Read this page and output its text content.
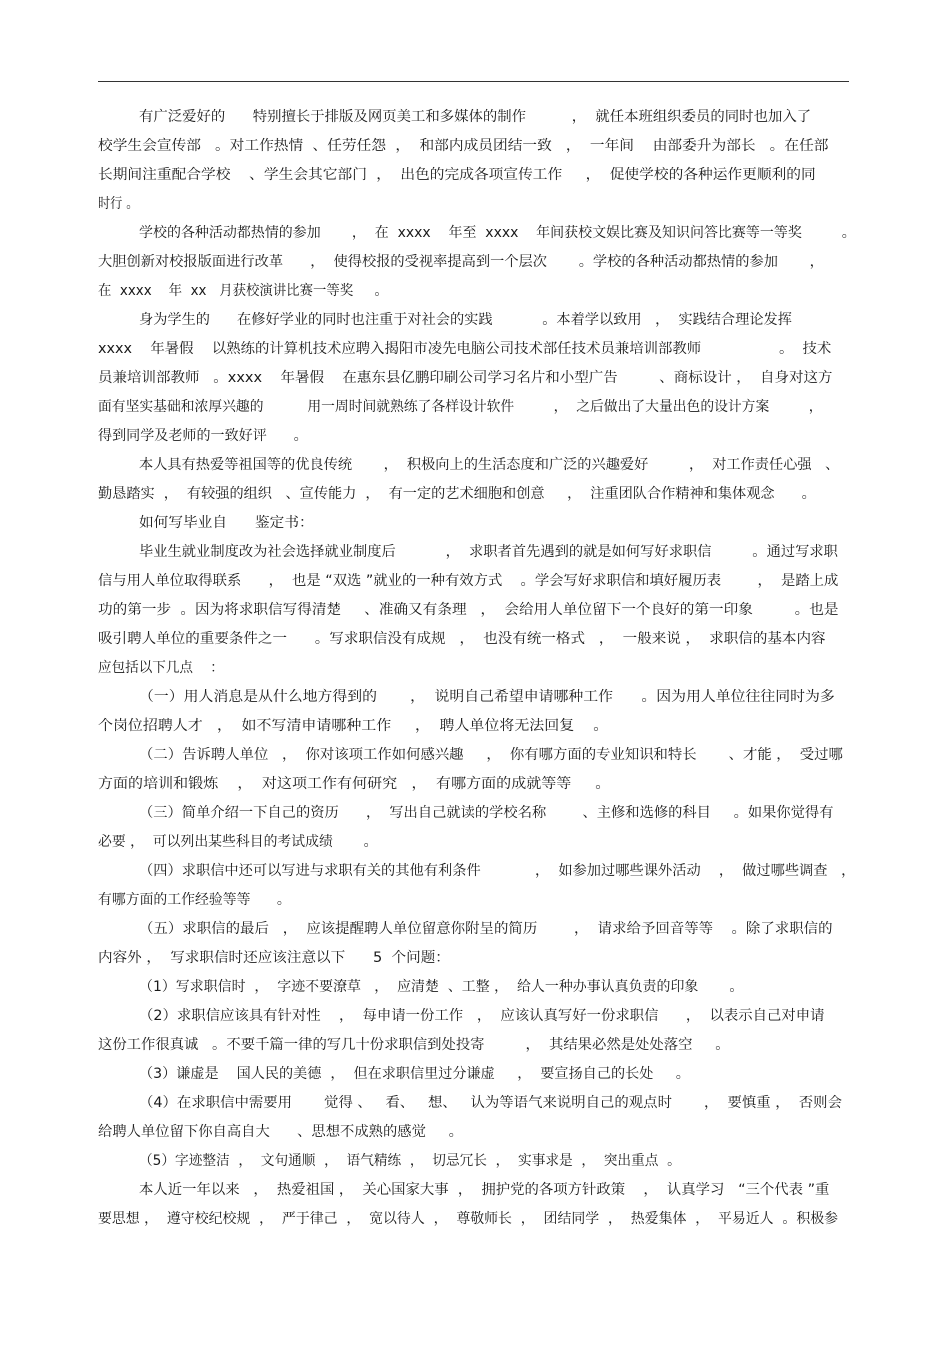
有广泛爱好的      特别擅长于排版及网页美工和多媒体的制作          ，  就任本班组织委员的同时也加入了
校学生会宣传部   。对工作热情  、任劳任怨  ，  和部内成员团结一致   ，  一年间    由部委升为部长   。在任部
长期间注重配合学校    、学生会其它部门  ，  出色的完成各项宣传工作     ，  促使学校的各种运作更顺利的同
时行 。
学校的各种活动都热情的参加       ，  在  xxxx    年至  xxxx    年间获校文娱比赛及知识问答比赛等一等奖         。
大胆创新对校报版面进行改革      ，  使得校报的受视率提高到一个层次       。学校的各种活动都热情的参加       ，
在  xxxx    年  xx   月获校演讲比赛一等奖     。
身为学生的      在修好学业的同时也注重于对社会的实践           。本着学以致用   ，  实践结合理论发挥
xxxx    年暑假    以熟练的计算机技术应聘入揭阳市凌先电脑公司技术部任技术员兼培训部教师                 。  技术
员兼培训部教师   。xxxx    年暑假    在惠东县亿鹏印刷公司学习名片和小型广告         、商标设计 ，  自身对这方
面有坚实基础和浓厚兴趣的          用一周时间就熟练了各样设计软件         ，  之后做出了大量出色的设计方案         ，
得到同学及老师的一致好评      。
本人具有热爱等祖国等的优良传统       ，  积极向上的生活态度和广泛的兴趣爱好         ，  对工作责任心强   、
勤恳踏实  ，  有较强的组织   、宣传能力  ，  有一定的艺术细胞和创意     ，  注重团队合作精神和集体观念      。
如何写毕业自      鉴定书：
毕业生就业制度改为社会选择就业制度后           ，  求职者首先遇到的就是如何写好求职信         。通过写求职
信与用人单位取得联系      ，  也是 “双选 ”就业的一种有效方式    。学会写好求职信和填好履历表        ，  是踏上成
功的第一步  。因为将求职信写得清楚     、准确又有条理   ，  会给用人单位留下一个良好的第一印象         。也是
吸引聘人单位的重要条件之一      。写求职信没有成规   ，  也没有统一格式   ，  一般来说 ，  求职信的基本内容
应包括以下几点    ：
（一）用人消息是从什么地方得到的       ，  说明自己希望申请哪种工作      。因为用人单位往往同时为多
个岗位招聘人才   ，  如不写清申请哪种工作     ，  聘人单位将无法回复    。
（二）告诉聘人单位   ，  你对该项工作如何感兴趣     ，  你有哪方面的专业知识和特长       、才能 ，  受过哪
方面的培训和锻炼    ，  对这项工作有何研究   ，  有哪方面的成就等等     。
（三）简单介绍一下自己的资历      ，  写出自己就读的学校名称        、主修和选修的科目     。如果你觉得有
必要 ，  可以列出某些科目的考试成绩       。
（四）求职信中还可以写进与求职有关的其他有利条件            ，  如参加过哪些课外活动    ，  做过哪些调查   ，
有哪方面的工作经验等等      。
（五）求职信的最后   ，  应该提醒聘人单位留意你附呈的简历        ，  请求给予回音等等    。除了求职信的
内容外 ，  写求职信时还应该注意以下      5  个问题：
（1）写求职信时  ，  字迹不要潦草   ，  应清楚  、工整 ，  给人一种办事认真负责的印象       。
（2）求职信应该具有针对性    ，  每申请一份工作   ，  应该认真写好一份求职信      ，  以表示自己对申请
这份工作很真诚   。不要千篇一律的写几十份求职信到处投寄         ，  其结果必然是处处落空     。
（3）谦虚是    国人民的美德  ，  但在求职信里过分谦虚     ，  要宣扬自己的长处     。
（4）在求职信中需要用       觉得 、   看、   想、   认为等语气来说明自己的观点时       ，  要慎重 ，  否则会
给聘人单位留下你自高自大      、思想不成熟的感觉     。
（5）字迹整洁  ，  文句通顺  ，  语气精练  ，  切忌冗长  ，  实事求是  ，  突出重点  。
本人近一年以来   ，  热爱祖国 ，  关心国家大事  ，  拥护党的各项方针政策    ，  认真学习   “三个代表 ”重
要思想 ，  遵守校纪校规  ，  严于律己  ，  宽以待人  ，  尊敬师长  ，  团结同学  ，  热爱集体  ，  平易近人  。积极参
